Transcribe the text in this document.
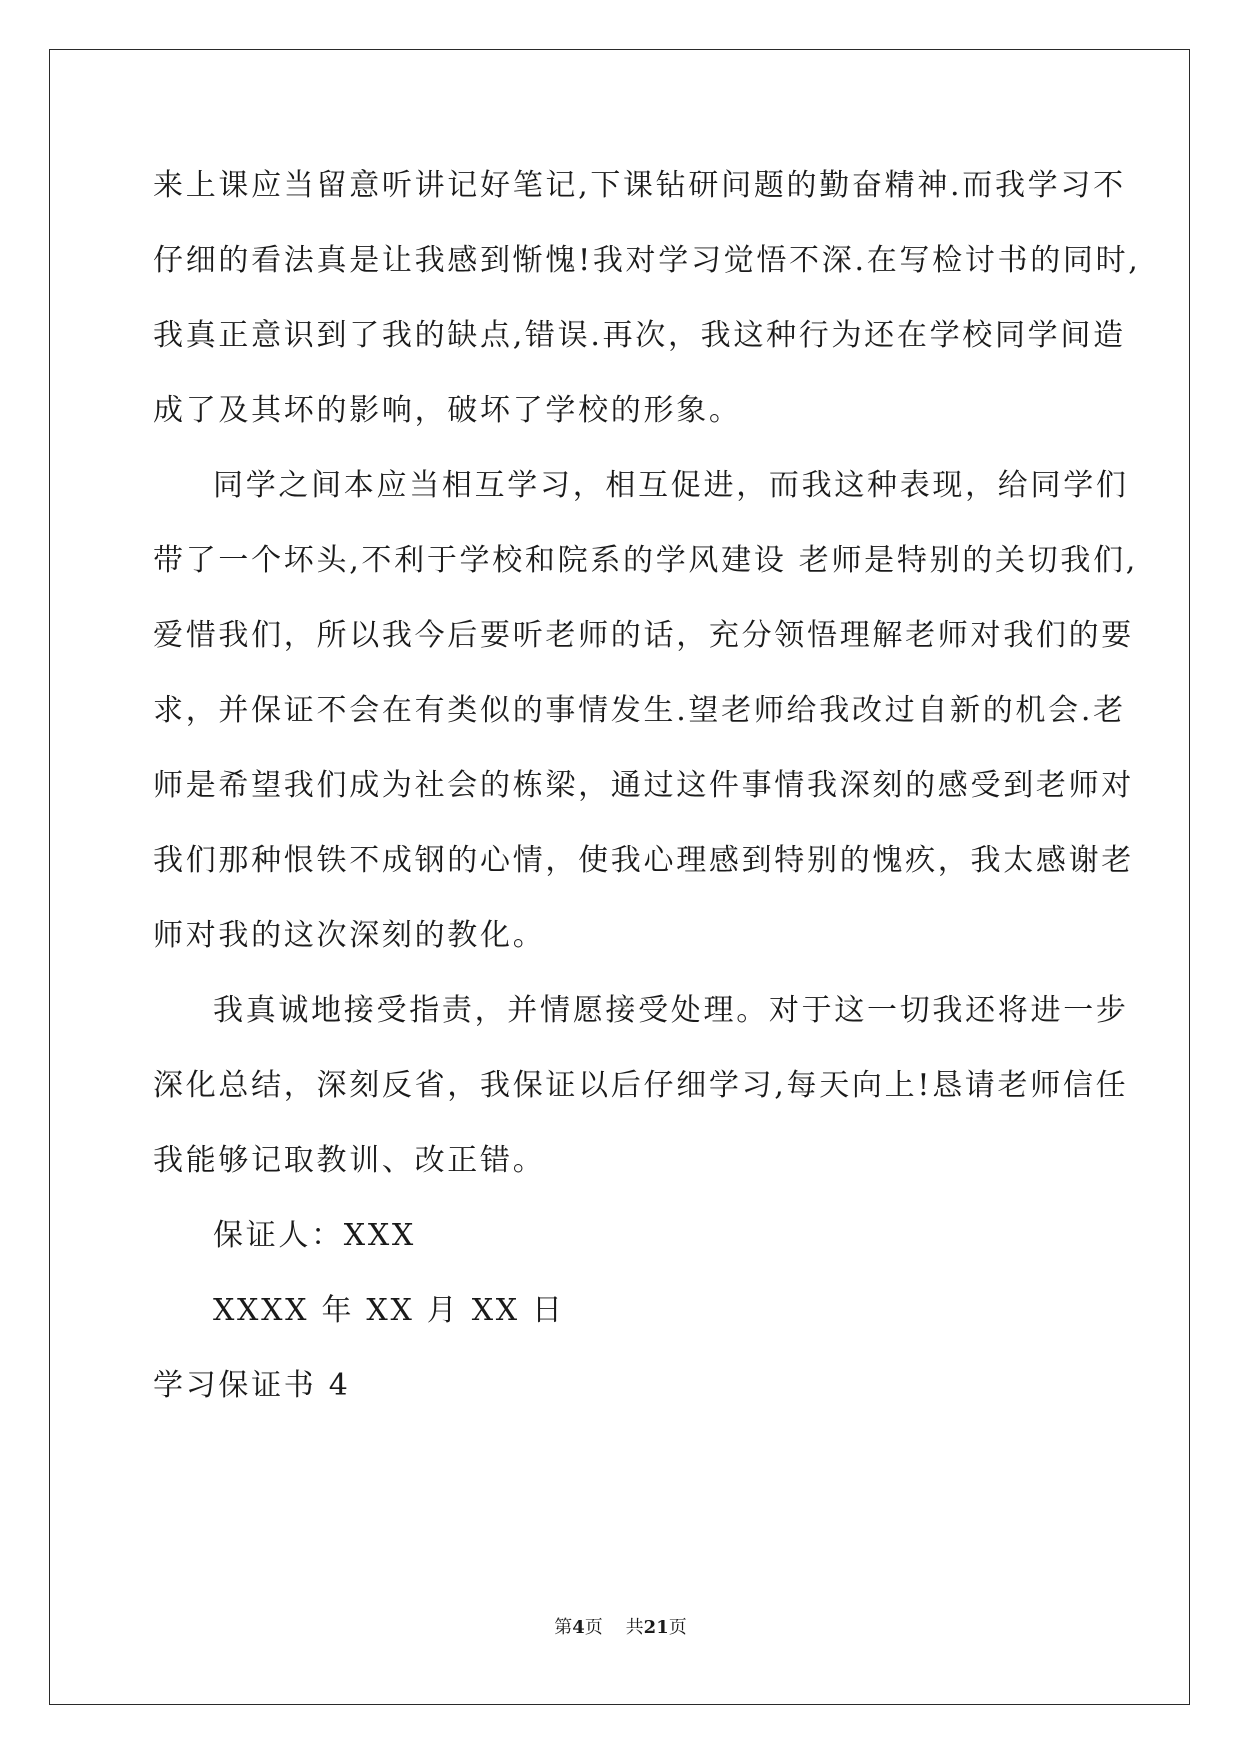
来上课应当留意听讲记好笔记,下课钻研问题的勤奋精神.而我学习不

仔细的看法真是让我感到惭愧!我对学习觉悟不深.在写检讨书的同时,

我真正意识到了我的缺点,错误.再次，我这种行为还在学校同学间造

成了及其坏的影响，破坏了学校的形象。

同学之间本应当相互学习，相互促进，而我这种表现，给同学们

带了一个坏头,不利于学校和院系的学风建设 老师是特别的关切我们,

爱惜我们，所以我今后要听老师的话，充分领悟理解老师对我们的要

求，并保证不会在有类似的事情发生.望老师给我改过自新的机会.老

师是希望我们成为社会的栋梁，通过这件事情我深刻的感受到老师对

我们那种恨铁不成钢的心情，使我心理感到特别的愧疚，我太感谢老

师对我的这次深刻的教化。

我真诚地接受指责，并情愿接受处理。对于这一切我还将进一步

深化总结，深刻反省，我保证以后仔细学习,每天向上!恳请老师信任

我能够记取教训、改正错。

保证人：XXX

XXXX 年 XX 月 XX 日

学习保证书 4

第4页 共21页
